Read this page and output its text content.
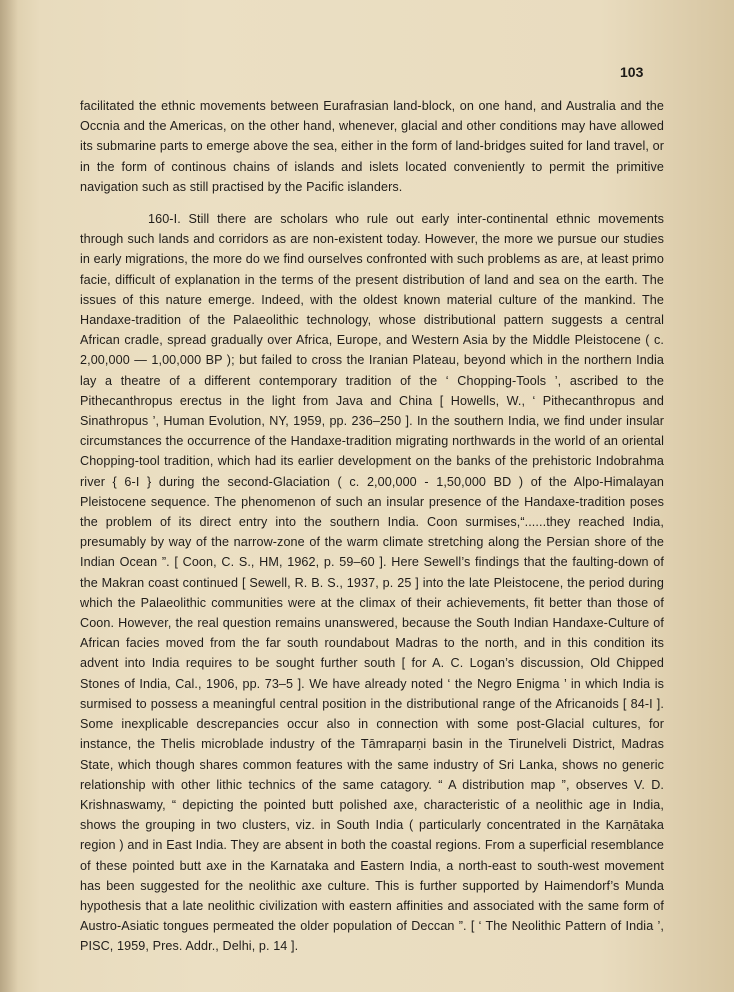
103

facilitated the ethnic movements between Eurafrasian land-block, on one hand, and Australia and the Occnia and the Americas, on the other hand, whenever, glacial and other conditions may have allowed its submarine parts to emerge above the sea, either in the form of land-bridges suited for land travel, or in the form of continous chains of islands and islets located conveniently to permit the primitive navigation such as still practised by the Pacific islanders.

160-I. Still there are scholars who rule out early inter-continental ethnic movements through such lands and corridors as are non-existent today. However, the more we pursue our studies in early migrations, the more do we find ourselves confronted with such problems as are, at least primo facie, difficult of explanation in the terms of the present distribution of land and sea on the earth. The issues of this nature emerge. Indeed, with the oldest known material culture of the mankind. The Handaxe-tradition of the Palaeolithic technology, whose distributional pattern suggests a central African cradle, spread gradually over Africa, Europe, and Western Asia by the Middle Pleistocene ( c. 2,00,000 — 1,00,000 BP ); but failed to cross the Iranian Plateau, beyond which in the northern India lay a theatre of a different contemporary tradition of the ‘ Chopping-Tools ’, ascribed to the Pithecanthropus erectus in the light from Java and China [ Howells, W., ‘ Pithecanthropus and Sinathropus ’, Human Evolution, NY, 1959, pp. 236–250 ]. In the southern India, we find under insular circumstances the occurrence of the Handaxe-tradition migrating northwards in the world of an oriental Chopping-tool tradition, which had its earlier development on the banks of the prehistoric Indobrahma river { 6-I } during the second-Glaciation ( c. 2,00,000 - 1,50,000 BD ) of the Alpo-Himalayan Pleistocene sequence. The phenomenon of such an insular presence of the Handaxe-tradition poses the problem of its direct entry into the southern India. Coon surmises,“......they reached India, presumably by way of the narrow-zone of the warm climate stretching along the Persian shore of the Indian Ocean ”. [ Coon, C. S., HM, 1962, p. 59–60 ]. Here Sewell’s findings that the faulting-down of the Makran coast continued [ Sewell, R. B. S., 1937, p. 25 ] into the late Pleistocene, the period during which the Palaeolithic communities were at the climax of their achievements, fit better than those of Coon. However, the real question remains unanswered, because the South Indian Handaxe-Culture of African facies moved from the far south roundabout Madras to the north, and in this condition its advent into India requires to be sought further south [ for A. C. Logan’s discussion, Old Chipped Stones of India, Cal., 1906, pp. 73–5 ]. We have already noted ‘ the Negro Enigma ’ in which India is surmised to possess a meaningful central position in the distributional range of the Africanoids [ 84-I ]. Some inexplicable descrepancies occur also in connection with some post-Glacial cultures, for instance, the Thelis microblade industry of the Tāmraparṇi basin in the Tirunelveli District, Madras State, which though shares common features with the same industry of Sri Lanka, shows no generic relationship with other lithic technics of the same catagory. “ A distribution map ”, observes V. D. Krishnaswamy, “ depicting the pointed butt polished axe, characteristic of a neolithic age in India, shows the grouping in two clusters, viz. in South India ( particularly concentrated in the Karṇātaka region ) and in East India. They are absent in both the coastal regions. From a superficial resemblance of these pointed butt axe in the Karnataka and Eastern India, a north-east to south-west movement has been suggested for the neolithic axe culture. This is further supported by Haimendorf’s Munda hypothesis that a late neolithic civilization with eastern affinities and associated with the same form of Austro-Asiatic tongues permeated the older population of Deccan ”. [ ‘ The Neolithic Pattern of India ’, PISC, 1959, Pres. Addr., Delhi, p. 14 ].
